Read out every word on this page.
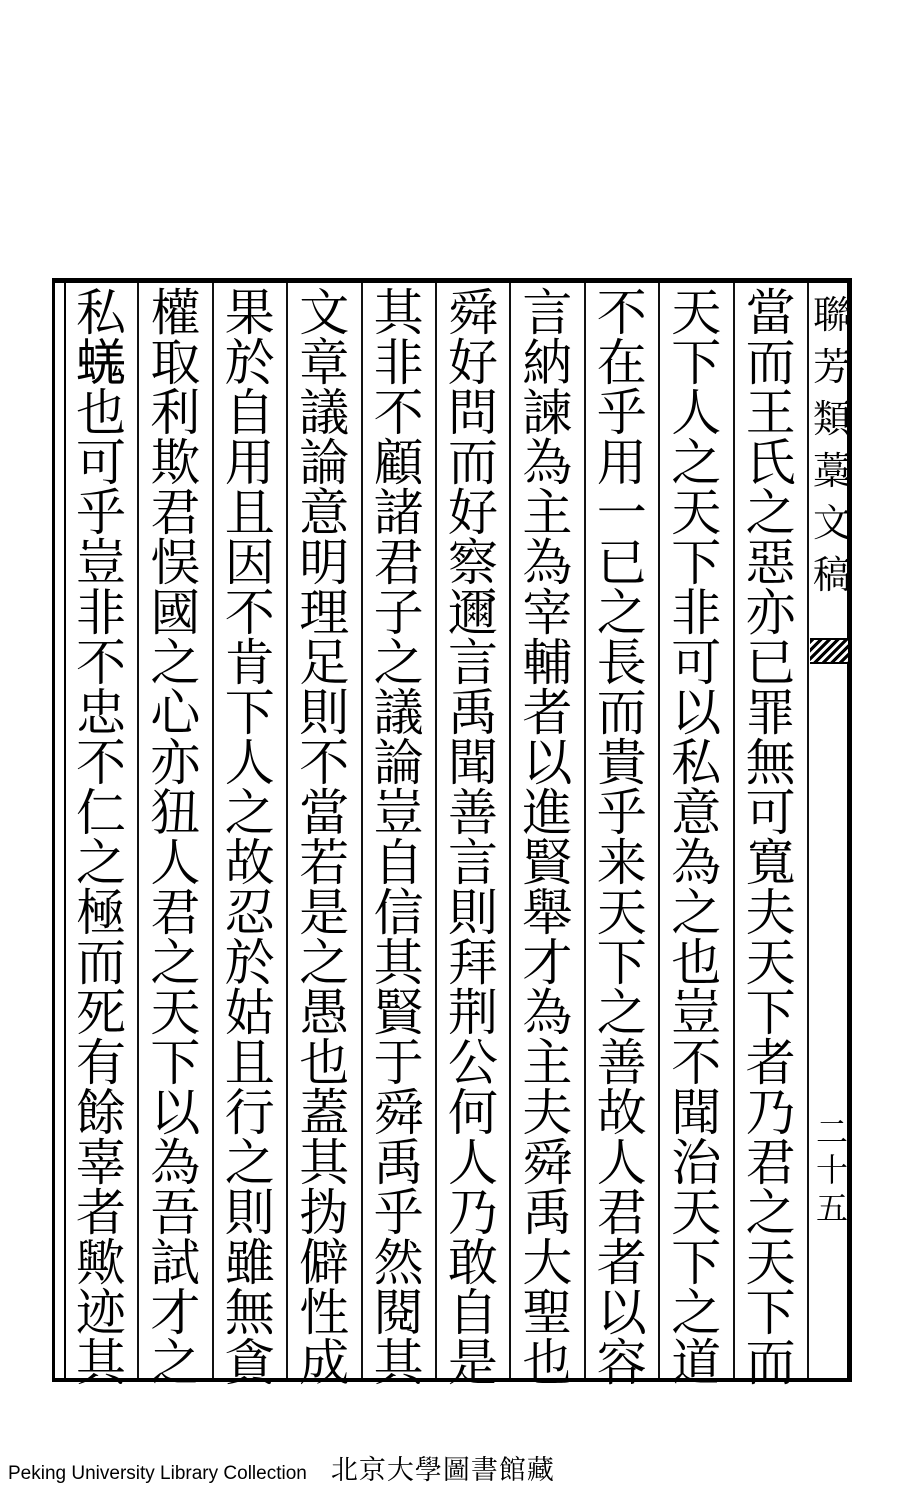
聯
芳
類
藁
文
稿
二
十
五
當
而
王
氏
之
惡
亦
已
罪
無
可
寬
夫
天
下
者
乃
君
之
天
下
而
天
下
人
之
天
下
非
可
以
私
意
為
之
也
豈
不
聞
治
天
下
之
道
不
在
乎
用
一
已
之
長
而
貴
乎
来
天
下
之
善
故
人
君
者
以
容
言
納
諫
為
主
為
宰
輔
者
以
進
賢
舉
才
為
主
夫
舜
禹
大
聖
也
舜
好
問
而
好
察
邇
言
禹
聞
善
言
則
拜
荆
公
何
人
乃
敢
自
是
其
非
不
顧
諸
君
子
之
議
論
豈
自
信
其
賢
于
舜
禹
乎
然
閱
其
文
章
議
論
意
明
理
足
則
不
當
若
是
之
愚
也
蓋
其
㧑
僻
性
成
果
於
自
用
且
因
不
肯
下
人
之
故
忍
於
姑
且
行
之
則
雖
無
貪
權
取
利
欺
君
悮
國
之
心
亦
狃
人
君
之
天
下
以
為
吾
試
才
之
私
𧏙
也
可
乎
豈
非
不
忠
不
仁
之
極
而
死
有
餘
辜
者
歟
迹
其
Peking University Library Collection 北京大學圖書館藏
